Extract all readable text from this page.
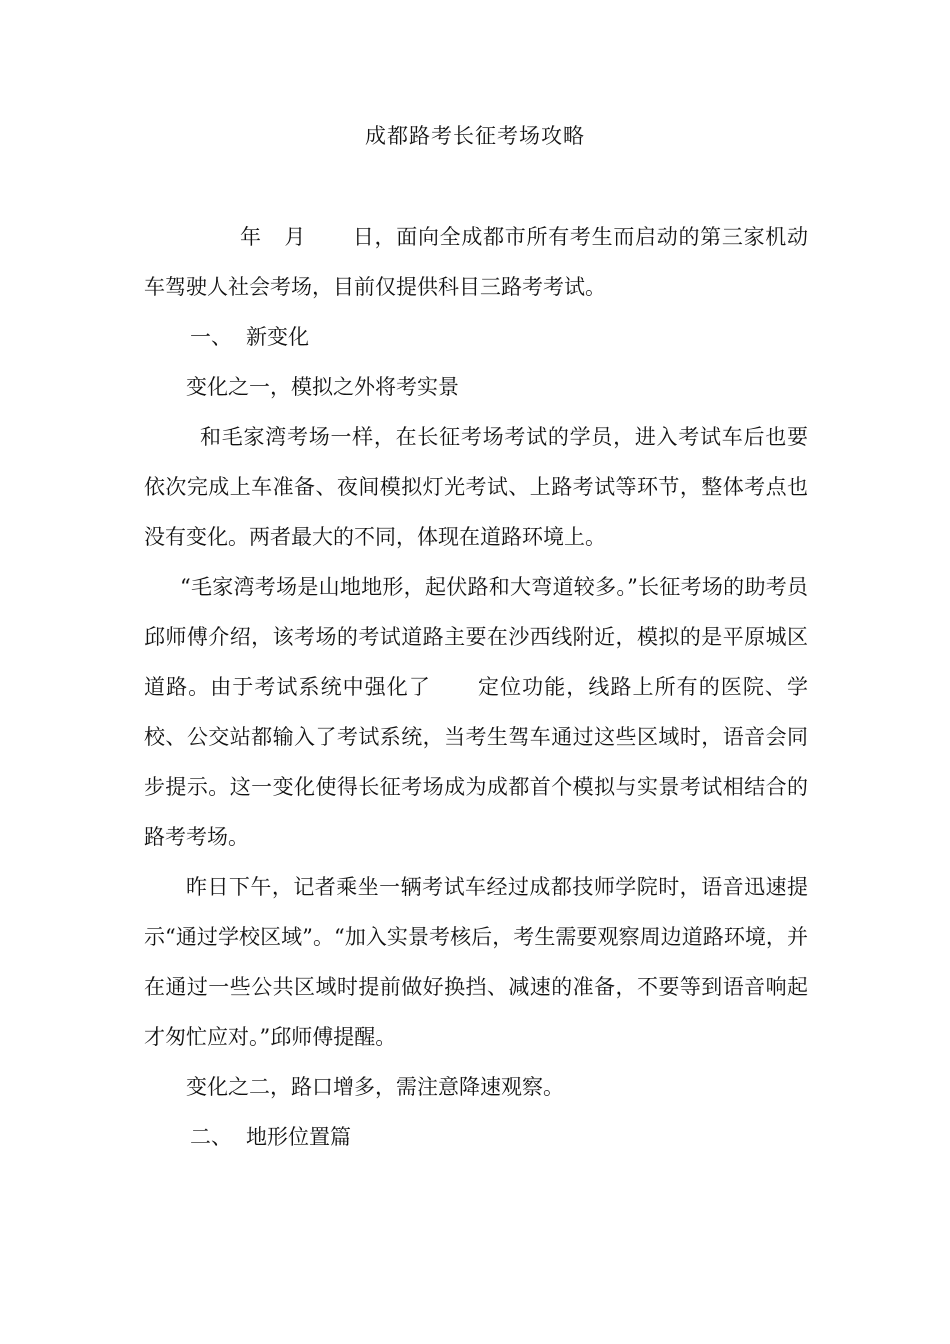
成都路考长征考场攻略

年 月 日，面向全成都市所有考生而启动的第三家机动车驾驶人社会考场，目前仅提供科目三路考考试。

一、 新变化

变化之一，模拟之外将考实景

和毛家湾考场一样，在长征考场考试的学员，进入考试车后也要依次完成上车准备、夜间模拟灯光考试、上路考试等环节，整体考点也没有变化。两者最大的不同，体现在道路环境上。

“毛家湾考场是山地地形，起伏路和大弯道较多。”长征考场的助考员邱师傅介绍，该考场的考试道路主要在沙西线附近，模拟的是平原城区道路。由于考试系统中强化了 定位功能，线路上所有的医院、学校、公交站都输入了考试系统，当考生驾车通过这些区域时，语音会同步提示。这一变化使得长征考场成为成都首个模拟与实景考试相结合的路考考场。

昨日下午，记者乘坐一辆考试车经过成都技师学院时，语音迅速提示“通过学校区域”。“加入实景考核后，考生需要观察周边道路环境，并在通过一些公共区域时提前做好换挡、减速的准备，不要等到语音响起才匆忙应对。”邱师傅提醒。

变化之二，路口增多，需注意降速观察。

二、 地形位置篇
